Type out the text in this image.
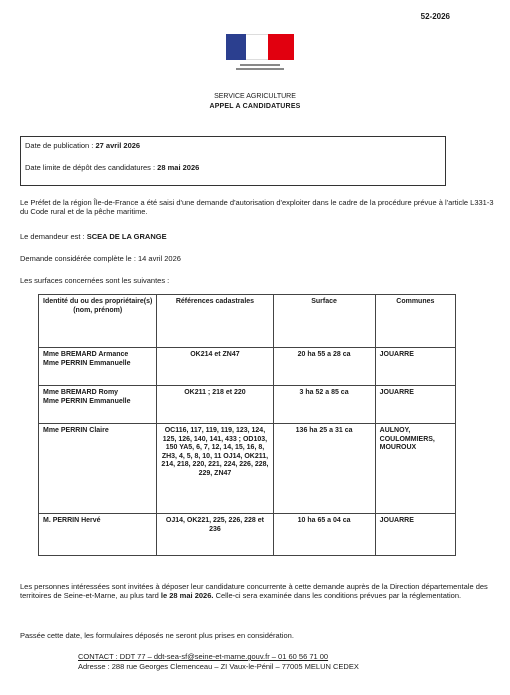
52-2026
SERVICE AGRICULTURE
APPEL A CANDIDATURES
Date de publication : 27 avril 2026
Date limite de dépôt des candidatures : 28 mai 2026
Le Préfet de la région Île-de-France a été saisi d'une demande d'autorisation d'exploiter dans le cadre de la procédure prévue à l'article L331-3 du Code rural et de la pêche maritime.
Le demandeur est : SCEA DE LA GRANGE
Demande considérée complète le : 14 avril 2026
Les surfaces concernées sont les suivantes :
Identité du ou des propriétaire(s) (nom, prénom)	Références cadastrales	Surface	Communes
Mme BREMARD Armance
Mme PERRIN Emmanuelle	OK214 et ZN47	20 ha 55 a 28 ca	JOUARRE
Mme BREMARD Romy
Mme PERRIN Emmanuelle	OK211 ; 218 et 220	3 ha 52 a 85 ca	JOUARRE
Mme PERRIN Claire	OC116, 117, 119, 119, 123, 124, 125, 126, 140, 141, 433 ; OD103, 150 YA5, 6, 7, 12, 14, 15, 16, 8, ZH3, 4, 5, 8, 10, 11 OJ14, OK211, 214, 218, 220, 221, 224, 226, 228, 229, ZN47	136 ha 25 a 31 ca	AULNOY, COULOMMIERS, MOUROUX
M. PERRIN Hervé	OJ14, OK221, 225, 226, 228 et 236	10 ha 65 a 04 ca	JOUARRE
Les personnes intéressées sont invitées à déposer leur candidature concurrente à cette demande auprès de la Direction départementale des territoires de Seine-et-Marne, au plus tard le 28 mai 2026. Celle-ci sera examinée dans les conditions prévues par la réglementation.
Passée cette date, les formulaires déposés ne seront plus prises en considération.
CONTACT : DDT 77 – ddt-sea-sf@seine-et-marne.gouv.fr – 01 60 56 71 00
Adresse : 288 rue Georges Clemenceau – ZI Vaux-le-Pénil – 77005 MELUN CEDEX
